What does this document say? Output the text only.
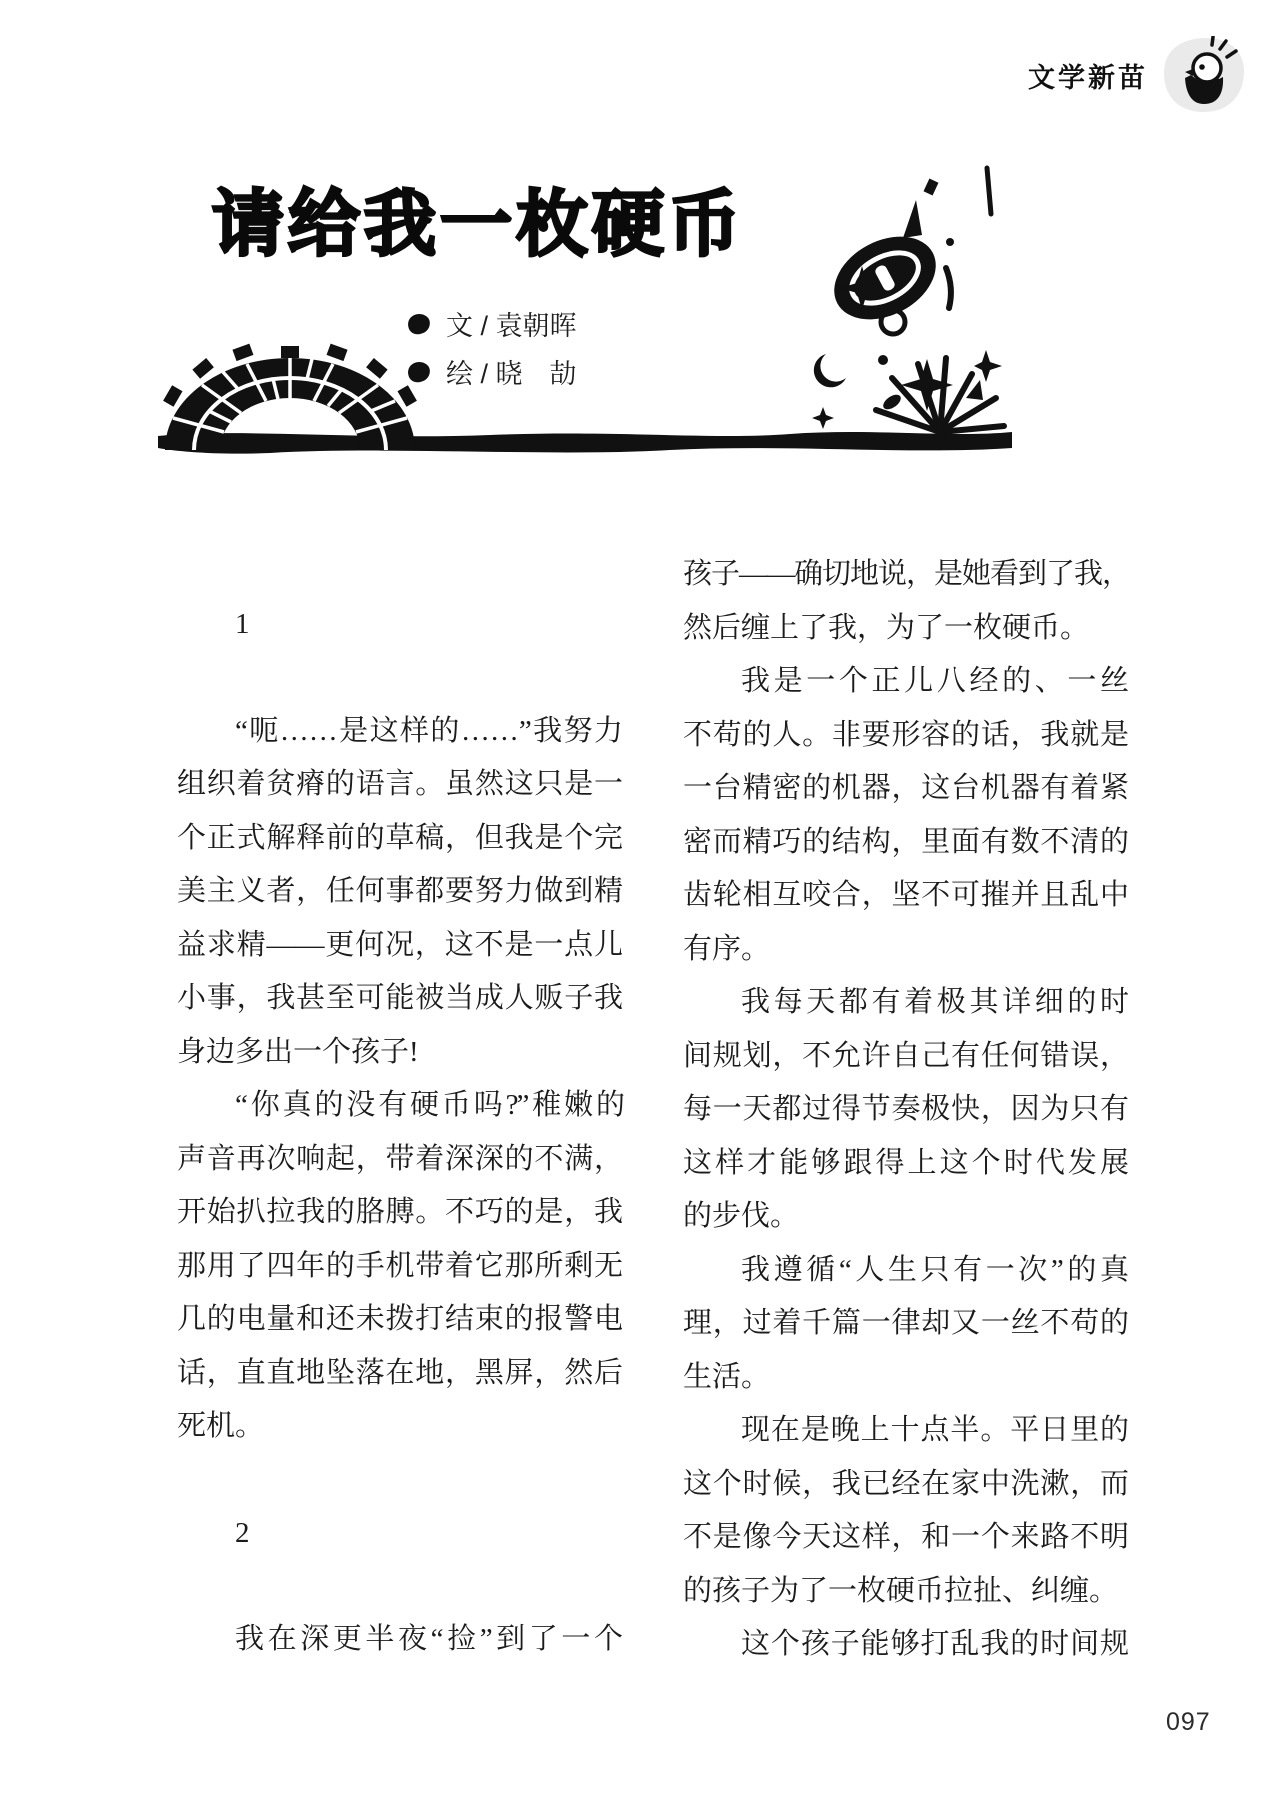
文学新苗
请给我一枚硬币
文 / 袁朝晖
绘 / 晓　劼
1
“呃……是这样的……”我努力
组织着贫瘠的语言。虽然这只是一
个正式解释前的草稿，但我是个完
美主义者，任何事都要努力做到精
益求精——更何况，这不是一点儿
小事，我甚至可能被当成人贩子我
身边多出一个孩子!
“你真的没有硬币吗?”稚嫩的
声音再次响起，带着深深的不满，
开始扒拉我的胳膊。不巧的是，我
那用了四年的手机带着它那所剩无
几的电量和还未拨打结束的报警电
话，直直地坠落在地，黑屏，然后
死机。
2
我在深更半夜“捡”到了一个
孩子——确切地说，是她看到了我，
然后缠上了我，为了一枚硬币。
我是一个正儿八经的、一丝
不苟的人。非要形容的话，我就是
一台精密的机器，这台机器有着紧
密而精巧的结构，里面有数不清的
齿轮相互咬合，坚不可摧并且乱中
有序。
我每天都有着极其详细的时
间规划，不允许自己有任何错误，
每一天都过得节奏极快，因为只有
这样才能够跟得上这个时代发展
的步伐。
我遵循“人生只有一次”的真
理，过着千篇一律却又一丝不苟的
生活。
现在是晚上十点半。平日里的
这个时候，我已经在家中洗漱，而
不是像今天这样，和一个来路不明
的孩子为了一枚硬币拉扯、纠缠。
这个孩子能够打乱我的时间规
097
